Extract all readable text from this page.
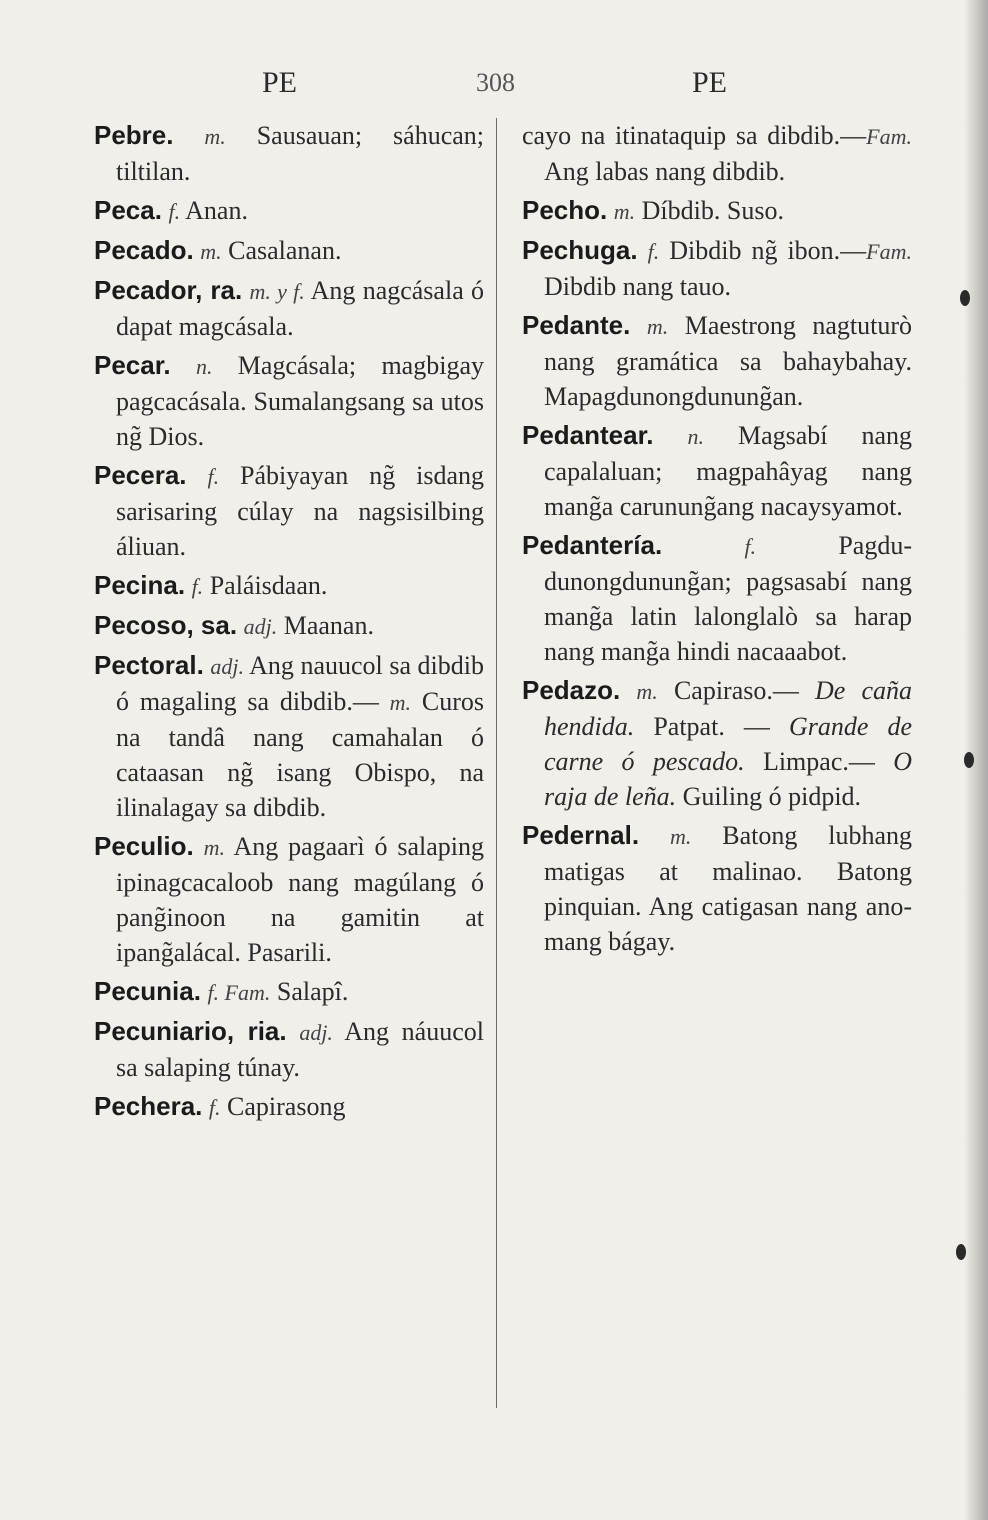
PE	308	PE

Pebre. m. Sausauan; sáhucan; tiltilan.

Peca. f. Anan.

Pecado. m. Casalanan.

Pecador, ra. m. y f. Ang nagcásala ó dapat magcásala.

Pecar. n. Magcásala; magbigay pagcacásala. Sumalangsang sa utos ng̃ Dios.

Pecera. f. Pábiyayan ng̃ isdang sarisaring cúlay na nagsisilbing áliuan.

Pecina. f. Paláisdaan.

Pecoso, sa. adj. Maanan.

Pectoral. adj. Ang nauucol sa dibdib ó magaling sa dibdib.— m. Curos na tandâ nang camahalan ó cataasan ng̃ isang Obispo, na ilinalagay sa dibdib.

Peculio. m. Ang pagaarì ó salaping ipinagcacaloob nang magúlang ó pang̃inoon na gamitin at ipang̃alácal. Pasarili.

Pecunia. f. Fam. Salapî.

Pecuniario, ria. adj. Ang náuucol sa salaping túnay.

Pechera. f. Capirasong

cayo na itinataquip sa dibdib.—Fam. Ang labas nang dibdib.

Pecho. m. Díbdib. Suso.

Pechuga. f. Dibdib ng̃ ibon.—Fam. Dibdib nang tauo.

Pedante. m. Maestrong nagtuturò nang gramática sa bahaybahay. Mapagdunongdunung̃an.

Pedantear. n. Magsabí nang capalaluan; magpahâyag nang mang̃a carunung̃ang nacaysyamot.

Pedantería.	f.	Pagdudunongdunung̃an; pagsasabí nang mang̃a latin lalonglalò sa harap nang mang̃a hindi nacaaabot.

Pedazo. m. Capiraso.— De caña hendida. Patpat. — Grande de carne ó pescado. Limpac.— O raja de leña. Guiling ó pidpid.

Pedernal. m. Batong lubhang matigas at malinao. Batong pinquian. Ang catigasan nang anomang bágay.
